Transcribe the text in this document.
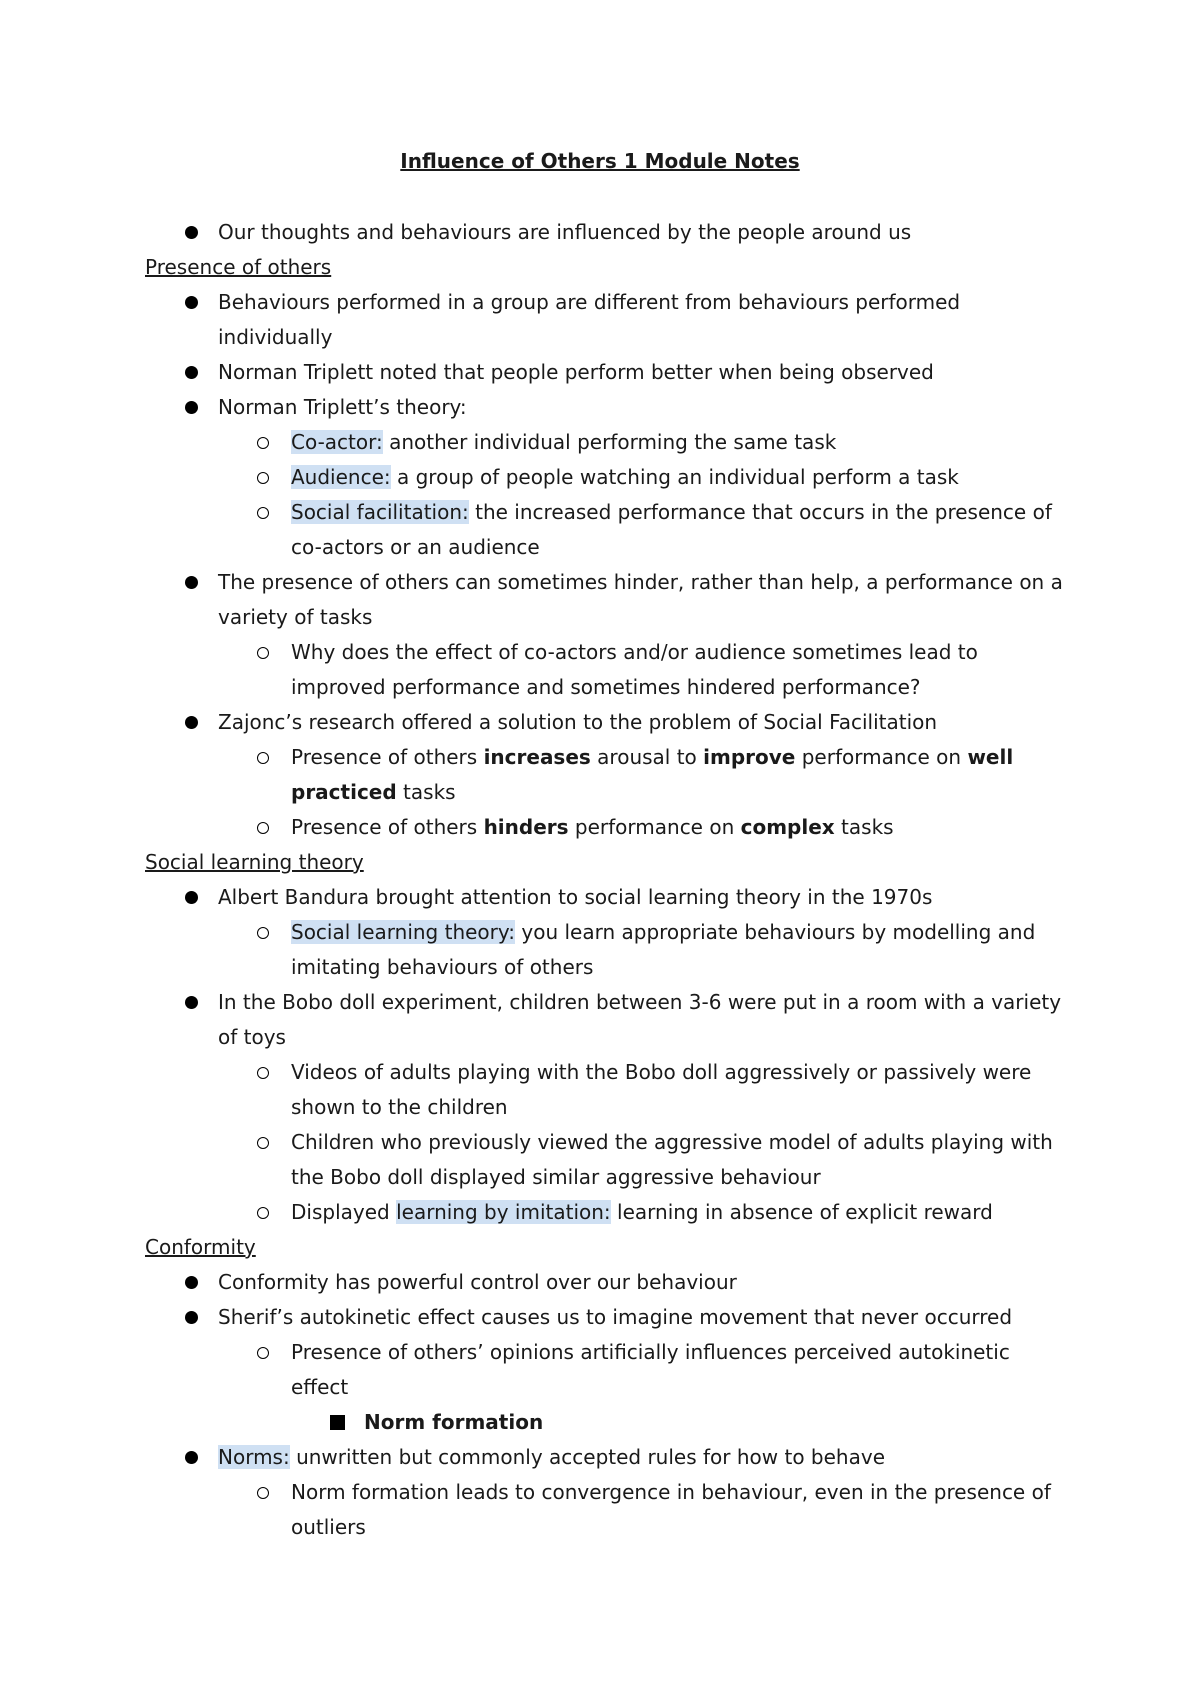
Influence of Others 1 Module Notes
Our thoughts and behaviours are influenced by the people around us
Presence of others
Behaviours performed in a group are different from behaviours performed individually
Norman Triplett noted that people perform better when being observed
Norman Triplett’s theory:
Co-actor: another individual performing the same task
Audience: a group of people watching an individual perform a task
Social facilitation: the increased performance that occurs in the presence of co-actors or an audience
The presence of others can sometimes hinder, rather than help, a performance on a variety of tasks
Why does the effect of co-actors and/or audience sometimes lead to improved performance and sometimes hindered performance?
Zajonc’s research offered a solution to the problem of Social Facilitation
Presence of others increases arousal to improve performance on well practiced tasks
Presence of others hinders performance on complex tasks
Social learning theory
Albert Bandura brought attention to social learning theory in the 1970s
Social learning theory: you learn appropriate behaviours by modelling and imitating behaviours of others
In the Bobo doll experiment, children between 3-6 were put in a room with a variety of toys
Videos of adults playing with the Bobo doll aggressively or passively were shown to the children
Children who previously viewed the aggressive model of adults playing with the Bobo doll displayed similar aggressive behaviour
Displayed learning by imitation: learning in absence of explicit reward
Conformity
Conformity has powerful control over our behaviour
Sherif’s autokinetic effect causes us to imagine movement that never occurred
Presence of others’ opinions artificially influences perceived autokinetic effect
Norm formation
Norms: unwritten but commonly accepted rules for how to behave
Norm formation leads to convergence in behaviour, even in the presence of outliers
